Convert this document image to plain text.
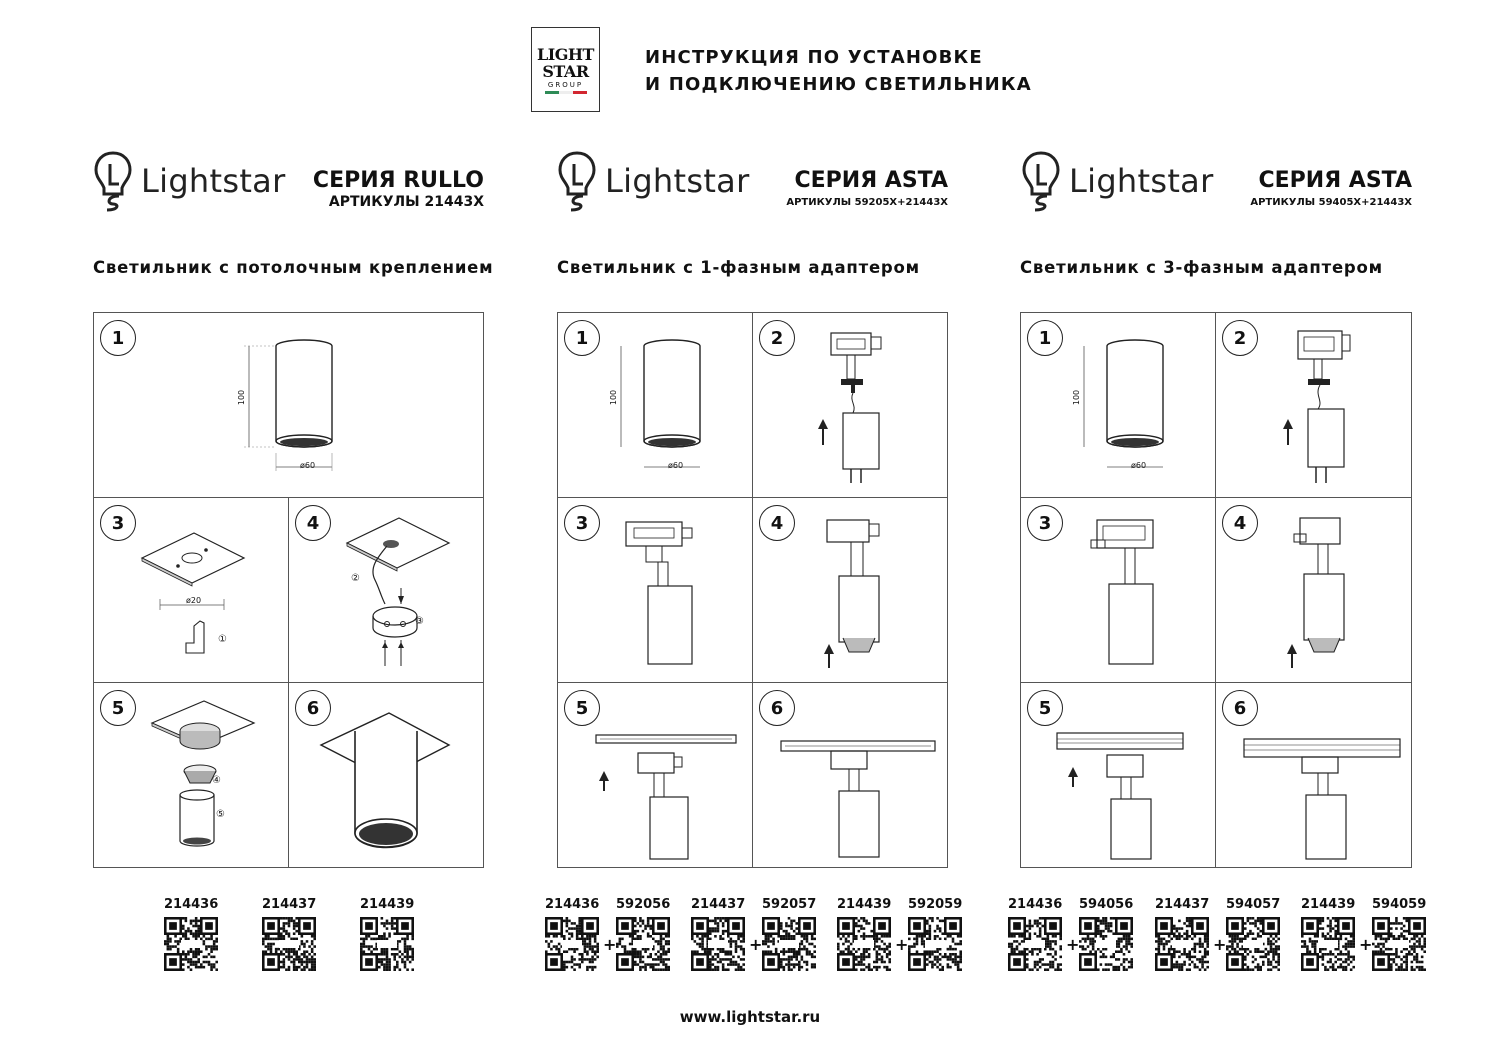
LIGHT
STAR
GROUP
ИНСТРУКЦИЯ ПО УСТАНОВКЕ
И ПОДКЛЮЧЕНИЮ СВЕТИЛЬНИКА
Lightstar	СЕРИЯ RULLO
АРТИКУЛЫ 21443X
Lightstar	СЕРИЯ ASTA
АРТИКУЛЫ 59205X+21443X
Lightstar	СЕРИЯ ASTA
АРТИКУЛЫ 59405X+21443X
Светильник с потолочным креплением	Светильник с 1-фазным адаптером	Светильник с 3-фазным адаптером
1
100
ø60
3
ø20
①
4
②
③
5
④
⑤
6
1
100
ø60
2
3	4
5	6
1
100
ø60
2
3	4
5	6
214436	214437	214439	214436
+
592056 214437
+
592057 214439
+
592059	214436
+
594056 214437
+
594057 214439
+
594059
www.lightstar.ru
